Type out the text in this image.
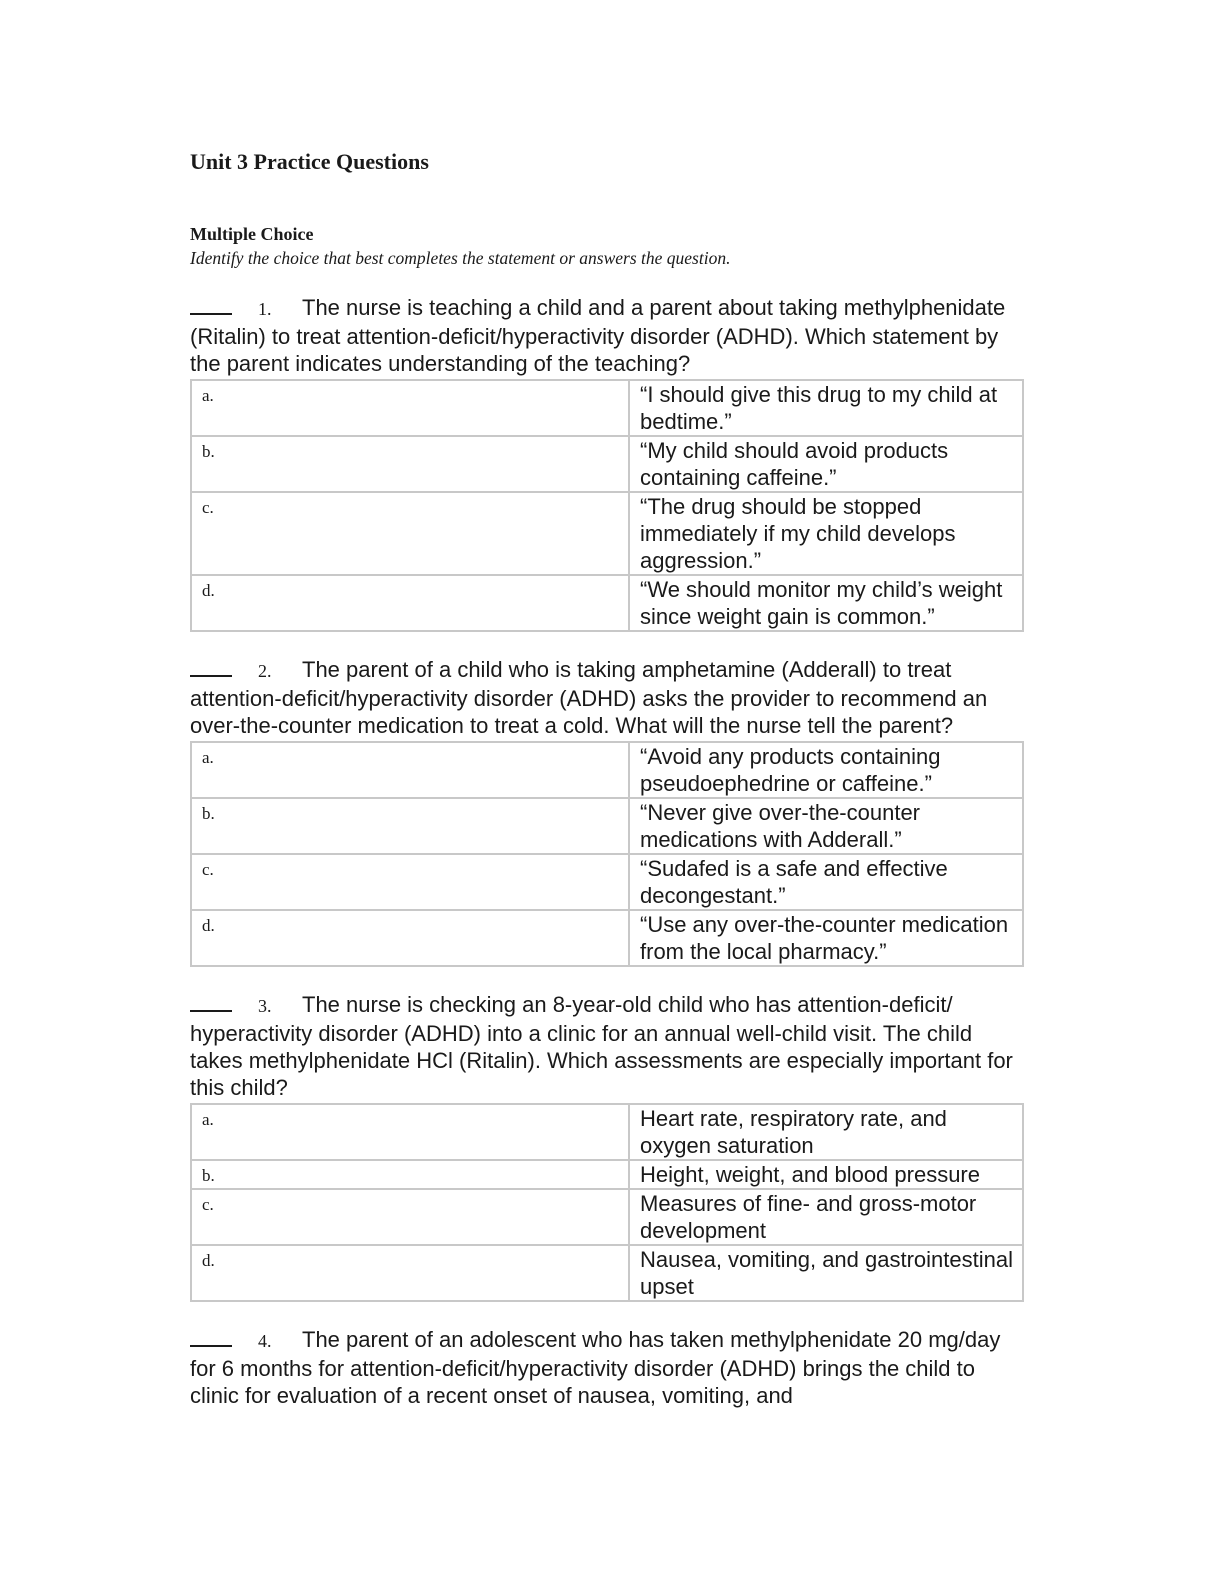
Unit 3 Practice Questions
Multiple Choice
Identify the choice that best completes the statement or answers the question.

1. The nurse is teaching a child and a parent about taking methylphenidate (Ritalin) to treat attention-deficit/hyperactivity disorder (ADHD). Which statement by the parent indicates understanding of the teaching?

a.	“I should give this drug to my child at bedtime.”
b.	“My child should avoid products containing caffeine.”
c.	“The drug should be stopped immediately if my child develops aggression.”
d.	“We should monitor my child’s weight since weight gain is common.”

2. The parent of a child who is taking amphetamine (Adderall) to treat attention-deficit/hyperactivity disorder (ADHD) asks the provider to recommend an over-the-counter medication to treat a cold. What will the nurse tell the parent?

a.	“Avoid any products containing pseudoephedrine or caffeine.”
b.	“Never give over-the-counter medications with Adderall.”
c.	“Sudafed is a safe and effective decongestant.”
d.	“Use any over-the-counter medication from the local pharmacy.”

3. The nurse is checking an 8-year-old child who has attention-deficit/ hyperactivity disorder (ADHD) into a clinic for an annual well-child visit. The child takes methylphenidate HCl (Ritalin). Which assessments are especially important for this child?

a.	Heart rate, respiratory rate, and oxygen saturation
b.	Height, weight, and blood pressure
c.	Measures of fine- and gross-motor development
d.	Nausea, vomiting, and gastrointestinal upset

4. The parent of an adolescent who has taken methylphenidate 20 mg/day for 6 months for attention-deficit/hyperactivity disorder (ADHD) brings the child to clinic for evaluation of a recent onset of nausea, vomiting, and
